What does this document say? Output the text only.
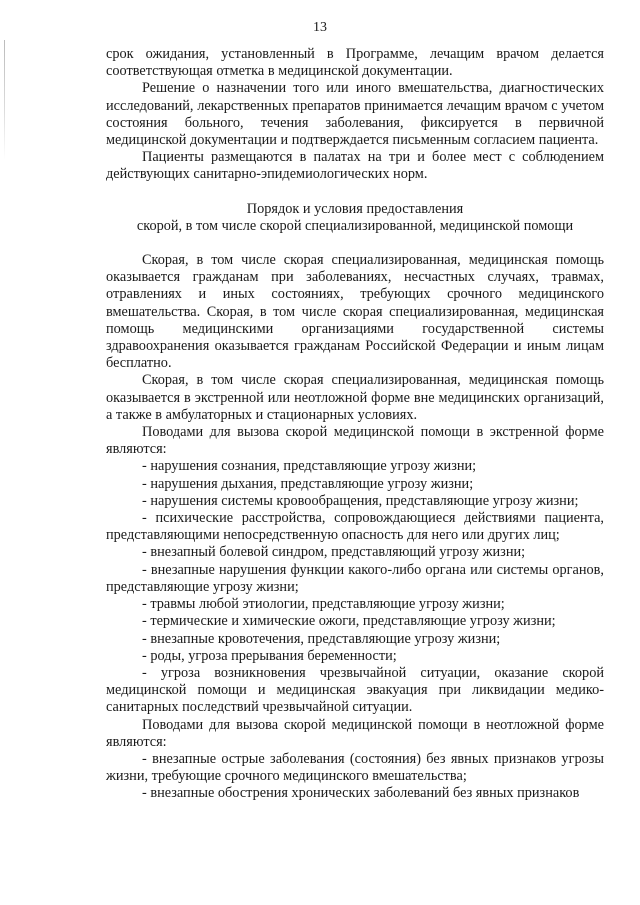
13

срок ожидания, установленный в Программе, лечащим врачом делается соответствующая отметка в медицинской документации.

Решение о назначении того или иного вмешательства, диагностических исследований, лекарственных препаратов принимается лечащим врачом с учетом состояния больного, течения заболевания, фиксируется в первичной медицинской документации и подтверждается письменным согласием пациента.

Пациенты размещаются в палатах на три и более мест с соблюдением действующих санитарно-эпидемиологических норм.

Порядок и условия предоставления

скорой, в том числе скорой специализированной, медицинской помощи

Скорая, в том числе скорая специализированная, медицинская помощь оказывается гражданам при заболеваниях, несчастных случаях, травмах, отравлениях и иных состояниях, требующих срочного медицинского вмешательства. Скорая, в том числе скорая специализированная, медицинская помощь медицинскими организациями государственной системы здравоохранения оказывается гражданам Российской Федерации и иным лицам бесплатно.

Скорая, в том числе скорая специализированная, медицинская помощь оказывается в экстренной или неотложной форме вне медицинских организаций, а также в амбулаторных и стационарных условиях.

Поводами для вызова скорой медицинской помощи в экстренной форме являются:

- нарушения сознания, представляющие угрозу жизни;

- нарушения дыхания, представляющие угрозу жизни;

- нарушения системы кровообращения, представляющие угрозу жизни;

- психические расстройства, сопровождающиеся действиями пациента, представляющими непосредственную опасность для него или других лиц;

- внезапный болевой синдром, представляющий угрозу жизни;

- внезапные нарушения функции какого-либо органа или системы органов, представляющие угрозу жизни;

- травмы любой этиологии, представляющие угрозу жизни;

- термические и химические ожоги, представляющие угрозу жизни;

- внезапные кровотечения, представляющие угрозу жизни;

- роды, угроза прерывания беременности;

- угроза возникновения чрезвычайной ситуации, оказание скорой медицинской помощи и медицинская эвакуация при ликвидации медико-санитарных последствий чрезвычайной ситуации.

Поводами для вызова скорой медицинской помощи в неотложной форме являются:

- внезапные острые заболевания (состояния) без явных признаков угрозы жизни, требующие срочного медицинского вмешательства;

- внезапные обострения хронических заболеваний без явных признаков
